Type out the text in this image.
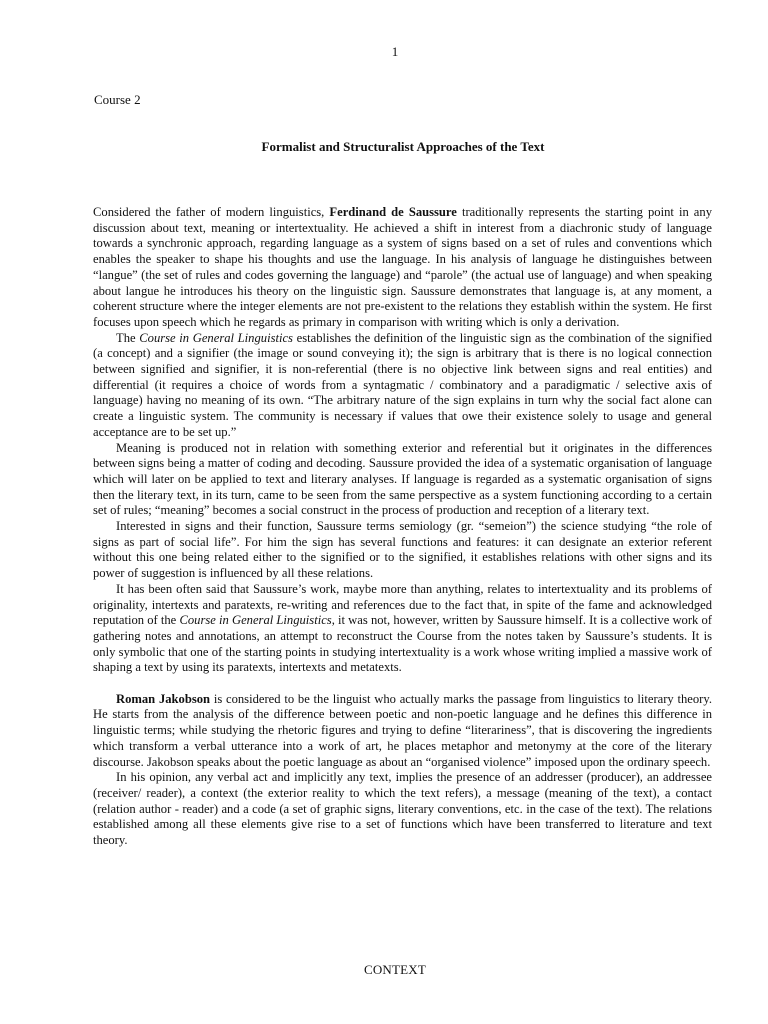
1
Course 2
Formalist and Structuralist Approaches of the Text

Considered the father of modern linguistics, Ferdinand de Saussure traditionally represents the starting point in any discussion about text, meaning or intertextuality. He achieved a shift in interest from a diachronic study of language towards a synchronic approach, regarding language as a system of signs based on a set of rules and conventions which enables the speaker to shape his thoughts and use the language. In his analysis of language he distinguishes between “langue” (the set of rules and codes governing the language) and “parole” (the actual use of language) and when speaking about langue he introduces his theory on the linguistic sign. Saussure demonstrates that language is, at any moment, a coherent structure where the integer elements are not pre-existent to the relations they establish within the system. He first focuses upon speech which he regards as primary in comparison with writing which is only a derivation.

The Course in General Linguistics establishes the definition of the linguistic sign as the combination of the signified (a concept) and a signifier (the image or sound conveying it); the sign is arbitrary that is there is no logical connection between signified and signifier, it is non-referential (there is no objective link between signs and real entities) and differential (it requires a choice of words from a syntagmatic / combinatory and a paradigmatic / selective axis of language) having no meaning of its own. “The arbitrary nature of the sign explains in turn why the social fact alone can create a linguistic system. The community is necessary if values that owe their existence solely to usage and general acceptance are to be set up.”

Meaning is produced not in relation with something exterior and referential but it originates in the differences between signs being a matter of coding and decoding. Saussure provided the idea of a systematic organisation of language which will later on be applied to text and literary analyses. If language is regarded as a systematic organisation of signs then the literary text, in its turn, came to be seen from the same perspective as a system functioning according to a certain set of rules; “meaning” becomes a social construct in the process of production and reception of a literary text.

Interested in signs and their function, Saussure terms semiology (gr. “semeion”) the science studying “the role of signs as part of social life”. For him the sign has several functions and features: it can designate an exterior referent without this one being related either to the signified or to the signified, it establishes relations with other signs and its power of suggestion is influenced by all these relations.

It has been often said that Saussure’s work, maybe more than anything, relates to intertextuality and its problems of originality, intertexts and paratexts, re-writing and references due to the fact that, in spite of the fame and acknowledged reputation of the Course in General Linguistics, it was not, however, written by Saussure himself. It is a collective work of gathering notes and annotations, an attempt to reconstruct the Course from the notes taken by Saussure’s students. It is only symbolic that one of the starting points in studying intertextuality is a work whose writing implied a massive work of shaping a text by using its paratexts, intertexts and metatexts.

Roman Jakobson is considered to be the linguist who actually marks the passage from linguistics to literary theory. He starts from the analysis of the difference between poetic and non-poetic language and he defines this difference in linguistic terms; while studying the rhetoric figures and trying to define “literariness”, that is discovering the ingredients which transform a verbal utterance into a work of art, he places metaphor and metonymy at the core of the literary discourse. Jakobson speaks about the poetic language as about an “organised violence” imposed upon the ordinary speech.

In his opinion, any verbal act and implicitly any text, implies the presence of an addresser (producer), an addressee (receiver/ reader), a context (the exterior reality to which the text refers), a message (meaning of the text), a contact (relation author - reader) and a code (a set of graphic signs, literary conventions, etc. in the case of the text). The relations established among all these elements give rise to a set of functions which have been transferred to literature and text theory.

CONTEXT
